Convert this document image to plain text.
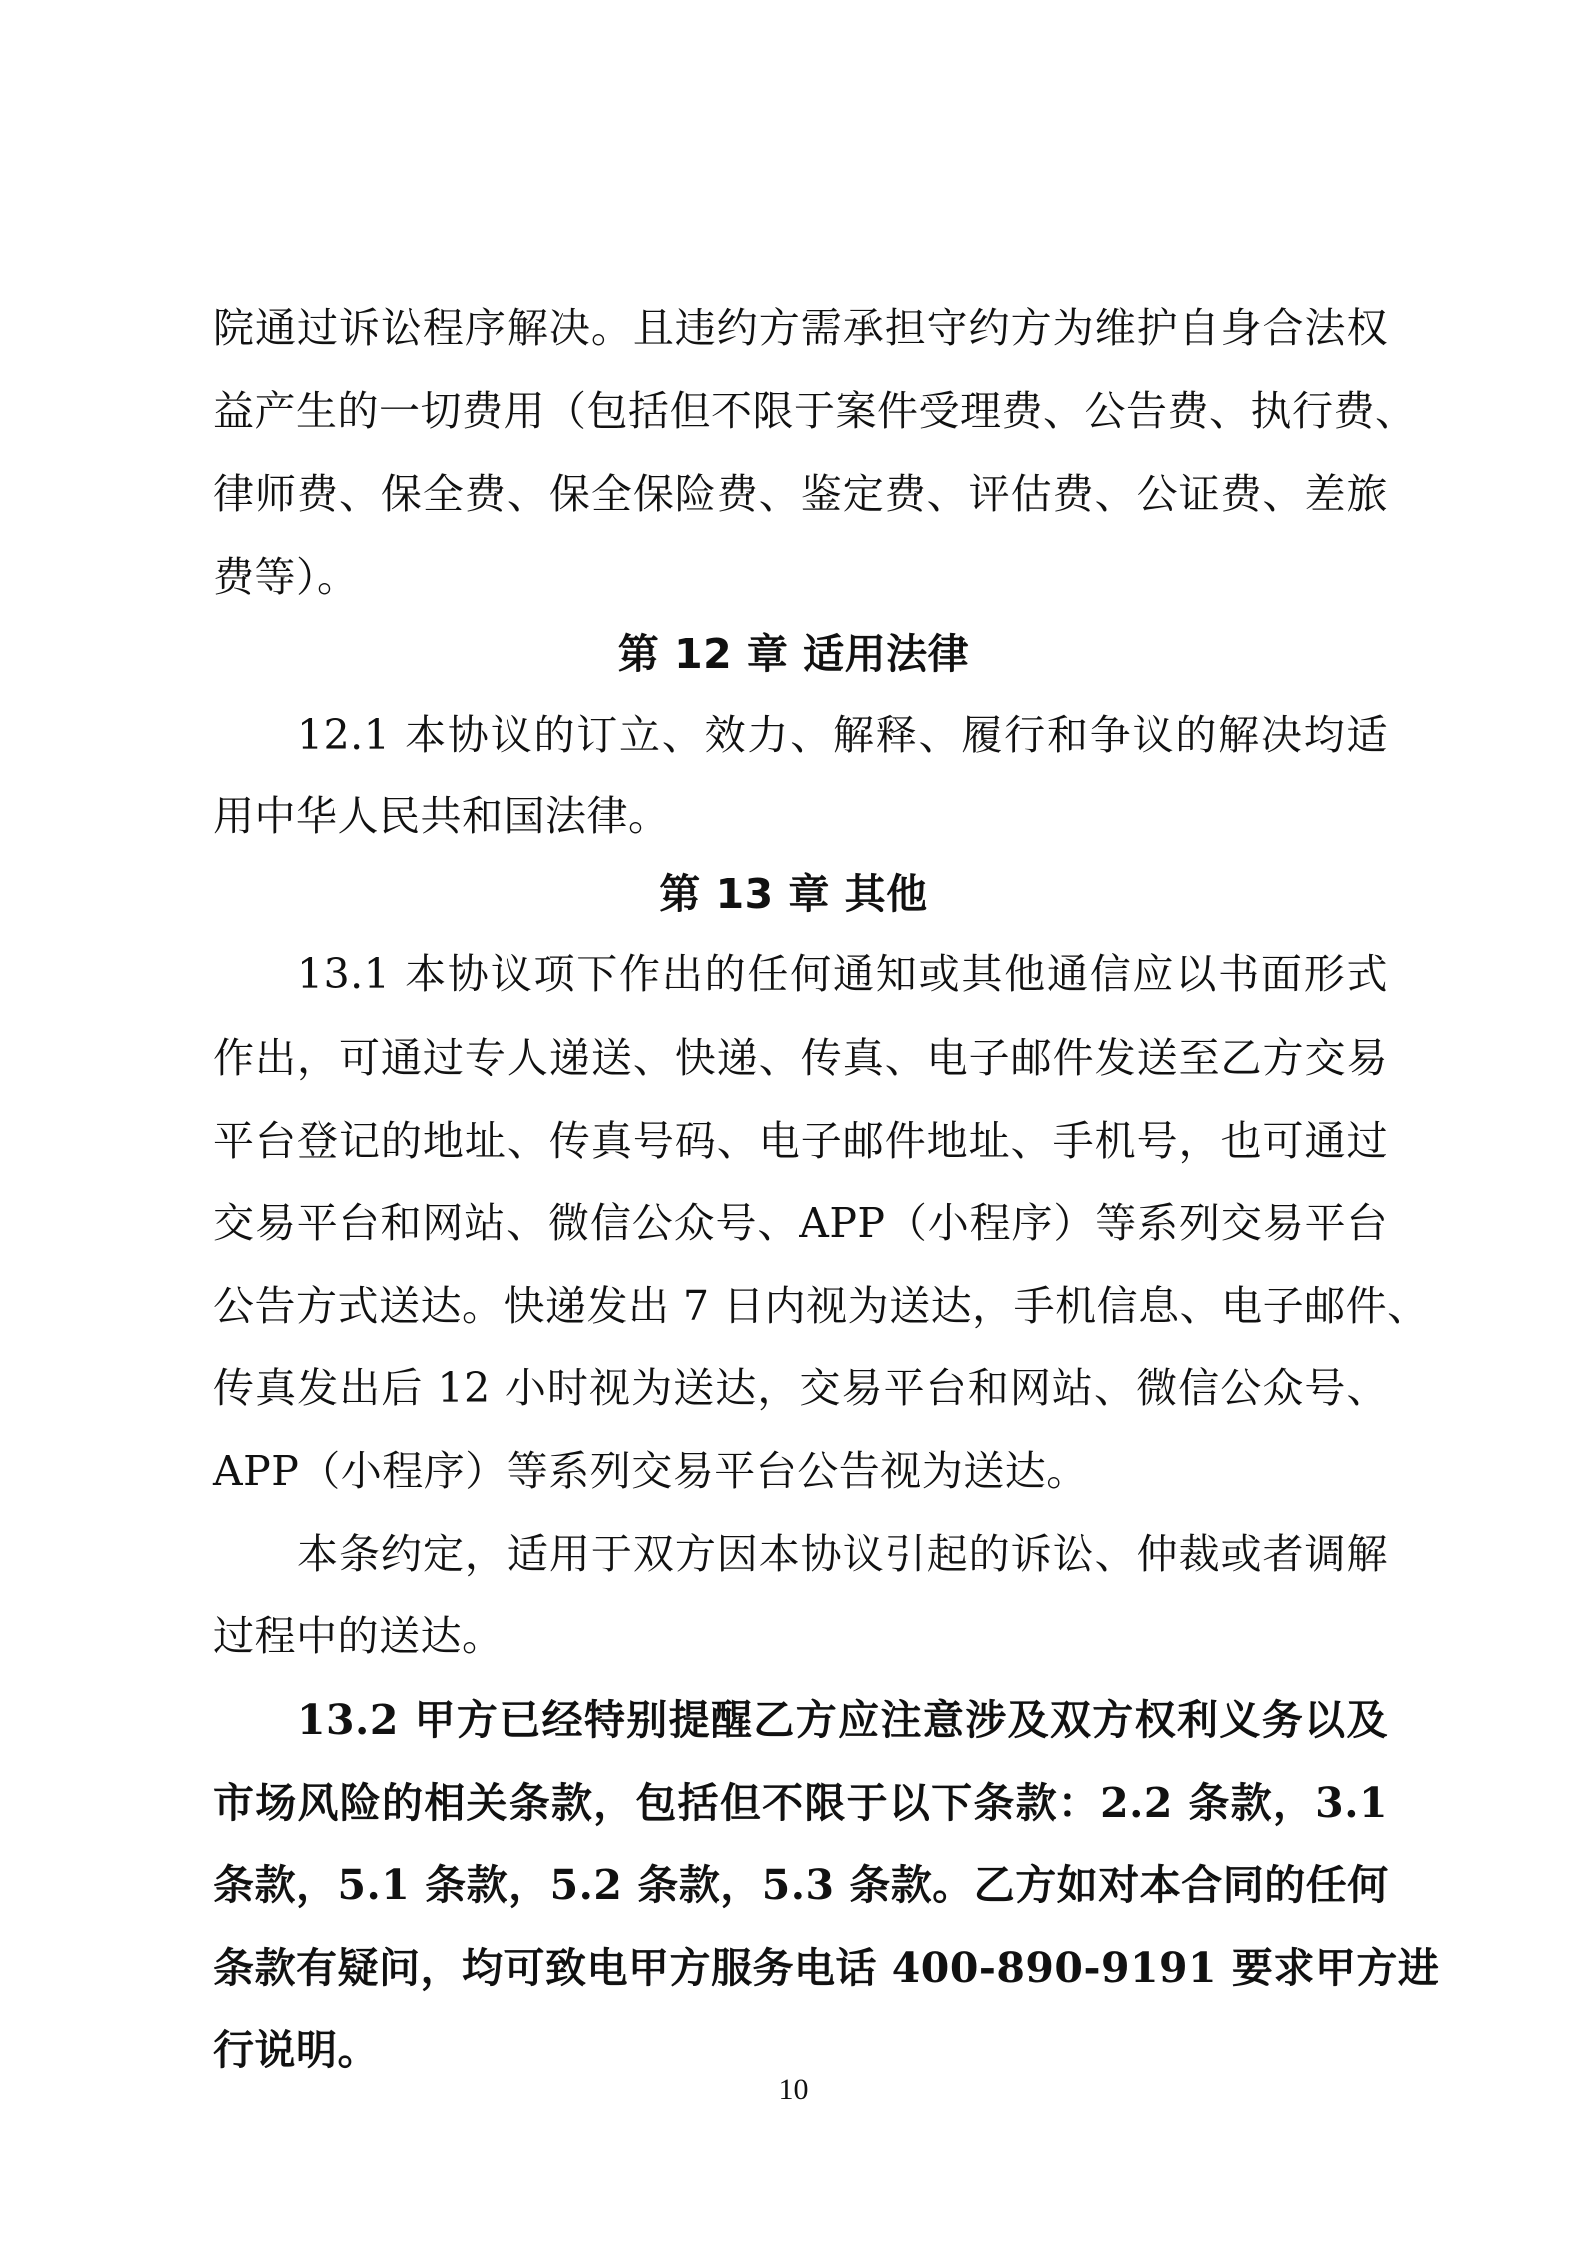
院通过诉讼程序解决。且违约方需承担守约方为维护自身合法权
益产生的一切费用（包括但不限于案件受理费、公告费、执行费、
律师费、保全费、保全保险费、鉴定费、评估费、公证费、差旅
费等）。
第 12 章 适用法律
12.1 本协议的订立、效力、解释、履行和争议的解决均适
用中华人民共和国法律。
第 13 章 其他
13.1 本协议项下作出的任何通知或其他通信应以书面形式
作出，可通过专人递送、快递、传真、电子邮件发送至乙方交易
平台登记的地址、传真号码、电子邮件地址、手机号，也可通过
交易平台和网站、微信公众号、APP（小程序）等系列交易平台
公告方式送达。快递发出 7 日内视为送达，手机信息、电子邮件、
传真发出后 12 小时视为送达，交易平台和网站、微信公众号、
APP（小程序）等系列交易平台公告视为送达。
本条约定，适用于双方因本协议引起的诉讼、仲裁或者调解
过程中的送达。
13.2 甲方已经特别提醒乙方应注意涉及双方权利义务以及
市场风险的相关条款，包括但不限于以下条款：2.2 条款，3.1
条款，5.1 条款，5.2 条款，5.3 条款。乙方如对本合同的任何
条款有疑问，均可致电甲方服务电话 400-890-9191 要求甲方进
行说明。
10
